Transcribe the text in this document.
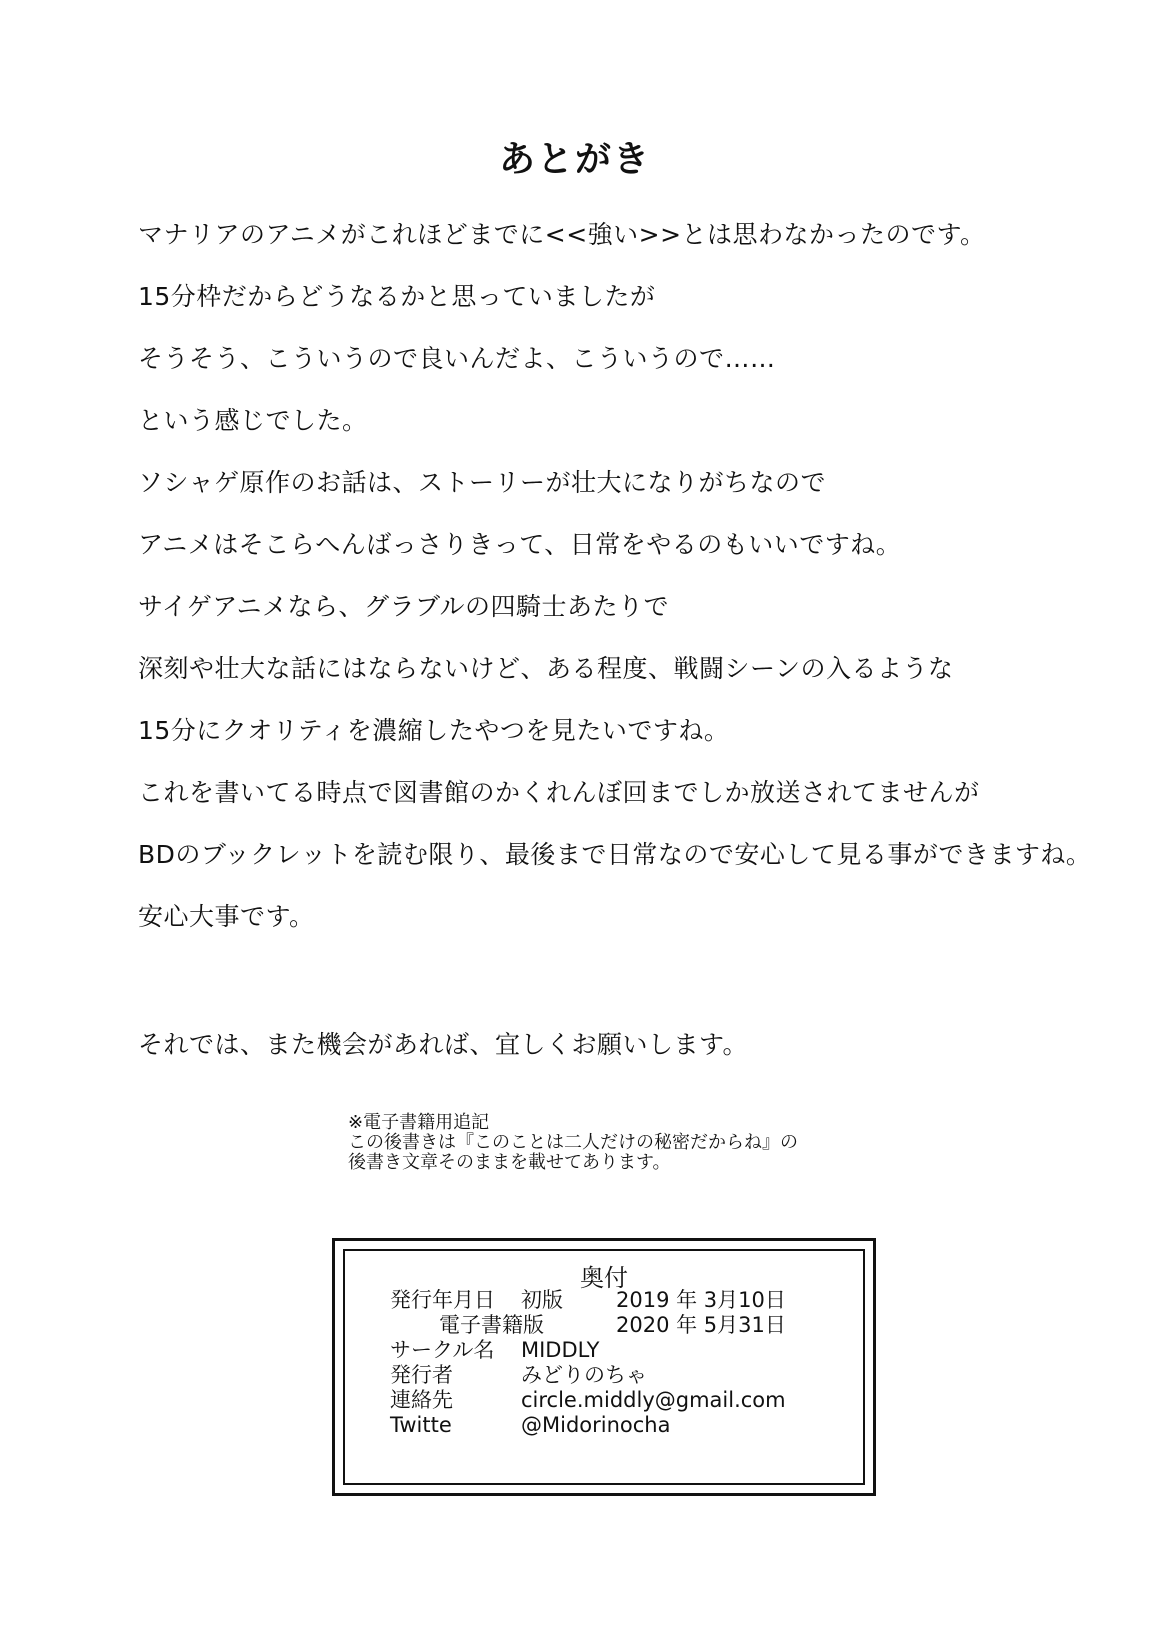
あとがき
マナリアのアニメがこれほどまでに<<強い>>とは思わなかったのです。
15分枠だからどうなるかと思っていましたが
そうそう、こういうので良いんだよ、こういうので……
という感じでした。
ソシャゲ原作のお話は、ストーリーが壮大になりがちなので
アニメはそこらへんばっさりきって、日常をやるのもいいですね。
サイゲアニメなら、グラブルの四騎士あたりで
深刻や壮大な話にはならないけど、ある程度、戦闘シーンの入るような
15分にクオリティを濃縮したやつを見たいですね。
これを書いてる時点で図書館のかくれんぼ回までしか放送されてませんが
BDのブックレットを読む限り、最後まで日常なので安心して見る事ができますね。
安心大事です。
それでは、また機会があれば、宜しくお願いします。
※電子書籍用追記
この後書きは『このことは二人だけの秘密だからね』の
後書き文章そのままを載せてあります。
奥付
発行年月日 初版	2019 年 3月10日
電子書籍版	2020 年 5月31日
サークル名 MIDDLY
発行者	みどりのちゃ
連絡先	circle.middly@gmail.com
Twitte	@Midorinocha
